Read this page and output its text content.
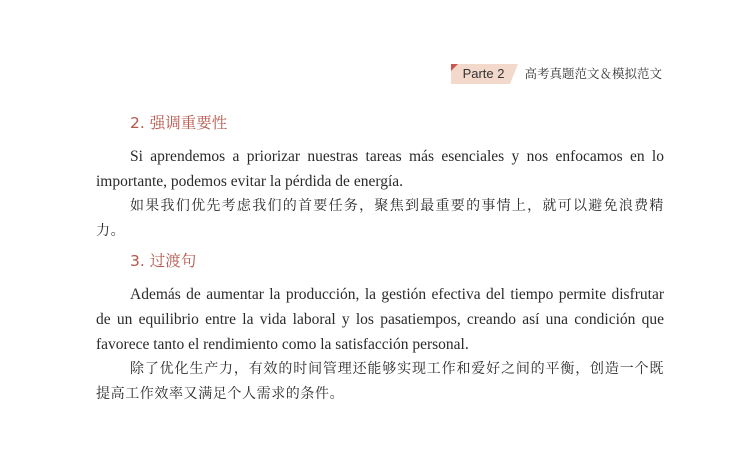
Parte 2	高考真题范文＆模拟范文
2. 强调重要性

Si aprendemos a priorizar nuestras tareas más esenciales y nos enfocamos en lo importante, podemos evitar la pérdida de energía.

如果我们优先考虑我们的首要任务，聚焦到最重要的事情上，就可以避免浪费精力。

3. 过渡句

Además de aumentar la producción, la gestión efectiva del tiempo permite disfrutar de un equilibrio entre la vida laboral y los pasatiempos, creando así una condición que favorece tanto el rendimiento como la satisfacción personal.

除了优化生产力，有效的时间管理还能够实现工作和爱好之间的平衡，创造一个既提高工作效率又满足个人需求的条件。
